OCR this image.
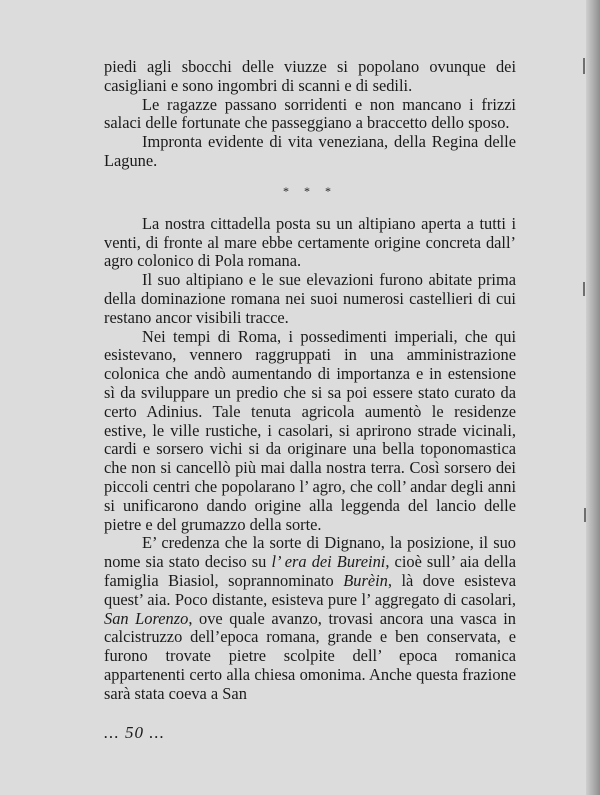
piedi agli sbocchi delle viuzze si popolano ovunque dei casigliani e sono ingombri di scanni e di sedili.

Le ragazze passano sorridenti e non mancano i frizzi salaci delle fortunate che passeggiano a braccetto dello sposo.

Impronta evidente di vita veneziana, della Regina delle Lagune.

* * *

La nostra cittadella posta su un altipiano aperta a tutti i venti, di fronte al mare ebbe certamente origine concreta dall’ agro colonico di Pola romana.

Il suo altipiano e le sue elevazioni furono abitate prima della dominazione romana nei suoi numerosi castellieri di cui restano ancor visibili tracce.

Nei tempi di Roma, i possedimenti imperiali, che qui esistevano, vennero raggruppati in una amministrazione colonica che andò aumentando di importanza e in estensione sì da sviluppare un predio che si sa poi essere stato curato da certo Adinius. Tale tenuta agricola aumentò le residenze estive, le ville rustiche, i casolari, si aprirono strade vicinali, cardi e sorsero vichi si da originare una bella toponomastica che non si cancellò più mai dalla nostra terra. Così sorsero dei piccoli centri che popolarano l’ agro, che coll’ andar degli anni si unificarono dando origine alla leggenda del lancio delle pietre e del grumazzo della sorte.

E’ credenza che la sorte di Dignano, la posizione, il suo nome sia stato deciso su l’ era dei Bureini, cioè sull’ aia della famiglia Biasiol, soprannominato Burèin, là dove esisteva quest’ aia. Poco distante, esisteva pure l’ aggregato di casolari, San Lorenzo, ove quale avanzo, trovasi ancora una vasca in calcistruzzo dell’epoca romana, grande e ben conservata, e furono trovate pietre scolpite dell’ epoca romanica appartenenti certo alla chiesa omonima. Anche questa frazione sarà stata coeva a San

... 50 ...
